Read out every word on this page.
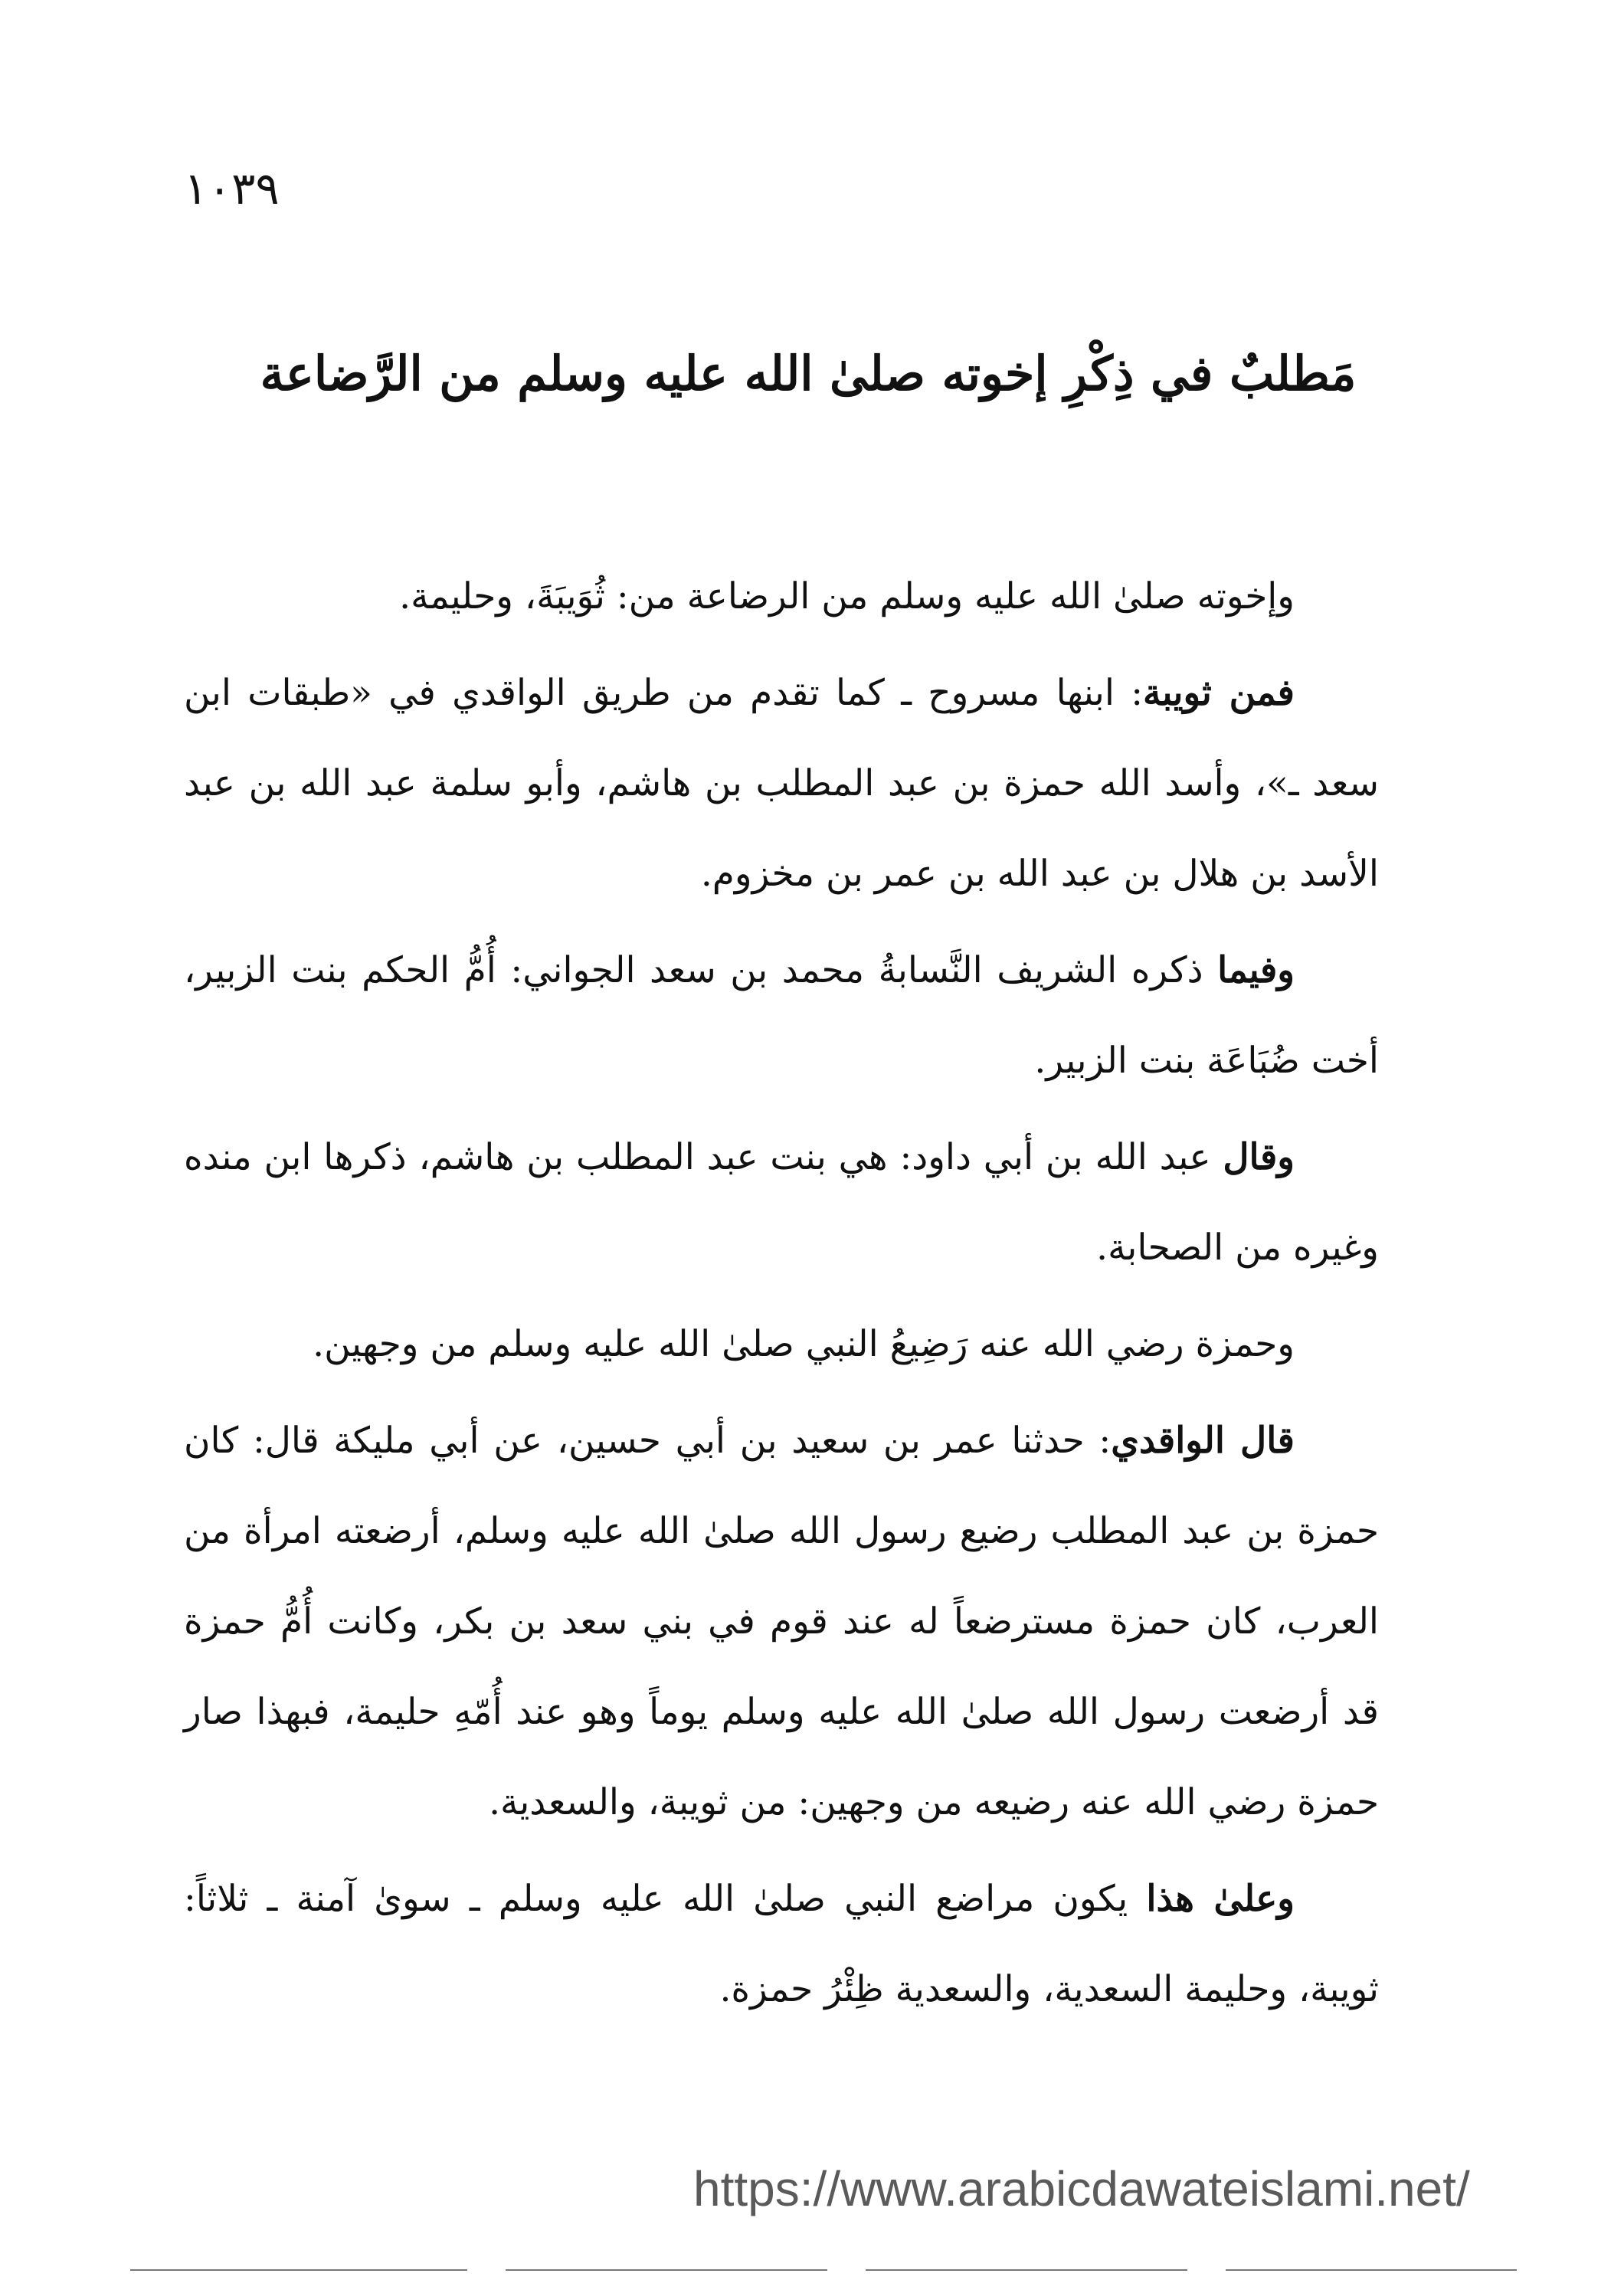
١٠٣٩
مَطلبٌ في ذِكْرِ إخوته صلىٰ الله عليه وسلم من الرَّضاعة

وإخوته صلىٰ الله عليه وسلم من الرضاعة من: ثُوَيبَةَ، وحليمة.

فمن ثويبة: ابنها مسروح ـ كما تقدم من طريق الواقدي في «طبقات ابن سعد ـ»، وأسد الله حمزة بن عبد المطلب بن هاشم، وأبو سلمة عبد الله بن عبد الأسد بن هلال بن عبد الله بن عمر بن مخزوم.

وفيما ذكره الشريف النَّسابةُ محمد بن سعد الجواني: أُمُّ الحكم بنت الزبير، أخت ضُبَاعَة بنت الزبير.

وقال عبد الله بن أبي داود: هي بنت عبد المطلب بن هاشم، ذكرها ابن منده وغيره من الصحابة.

وحمزة رضي الله عنه رَضِيعُ النبي صلىٰ الله عليه وسلم من وجهين.

قال الواقدي: حدثنا عمر بن سعيد بن أبي حسين، عن أبي مليكة قال: كان حمزة بن عبد المطلب رضيع رسول الله صلىٰ الله عليه وسلم، أرضعته امرأة من العرب، كان حمزة مسترضعاً له عند قوم في بني سعد بن بكر، وكانت أُمُّ حمزة قد أرضعت رسول الله صلىٰ الله عليه وسلم يوماً وهو عند أُمّهِ حليمة، فبهذا صار حمزة رضي الله عنه رضيعه من وجهين: من ثويبة، والسعدية.

وعلىٰ هذا يكون مراضع النبي صلىٰ الله عليه وسلم ـ سوىٰ آمنة ـ ثلاثاً: ثويبة، وحليمة السعدية، والسعدية ظِئْرُ حمزة.

https://www.arabicdawateislami.net/
